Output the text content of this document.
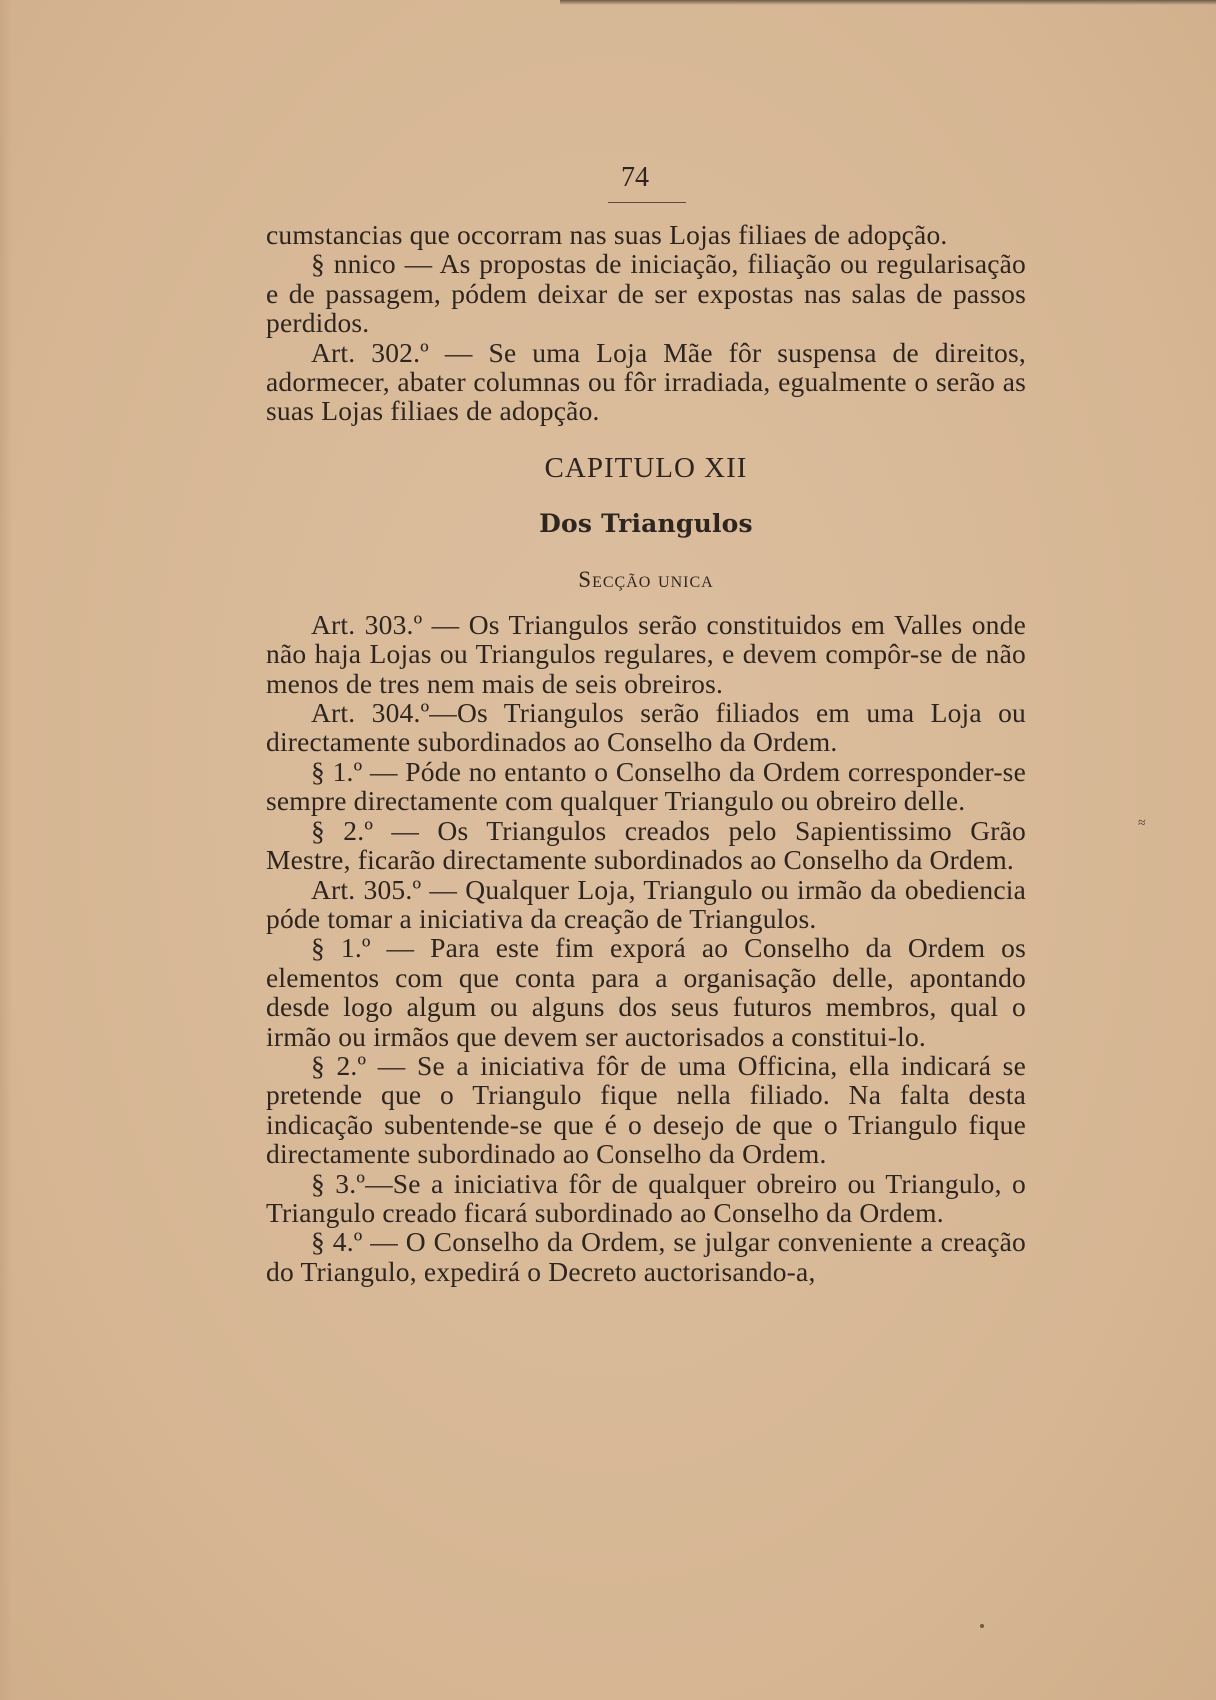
74

cumstancias que occorram nas suas Lojas filiaes de adopção.

§ nnico — As propostas de iniciação, filiação ou regularisação e de passagem, pódem deixar de ser expostas nas salas de passos perdidos.

Art. 302.º — Se uma Loja Mãe fôr suspensa de direitos, adormecer, abater columnas ou fôr irradiada, egualmente o serão as suas Lojas filiaes de adopção.

CAPITULO XII

Dos Triangulos

Secção unica

Art. 303.º — Os Triangulos serão constituidos em Valles onde não haja Lojas ou Triangulos regulares, e devem compôr-se de não menos de tres nem mais de seis obreiros.

Art. 304.º—Os Triangulos serão filiados em uma Loja ou directamente subordinados ao Conselho da Ordem.

§ 1.º — Póde no entanto o Conselho da Ordem corresponder-se sempre directamente com qualquer Triangulo ou obreiro delle.

§ 2.º — Os Triangulos creados pelo Sapientissimo Grão Mestre, ficarão directamente subordinados ao Conselho da Ordem.

Art. 305.º — Qualquer Loja, Triangulo ou irmão da obediencia póde tomar a iniciativa da creação de Triangulos.

§ 1.º — Para este fim exporá ao Conselho da Ordem os elementos com que conta para a organisação delle, apontando desde logo algum ou alguns dos seus futuros membros, qual o irmão ou irmãos que devem ser auctorisados a constitui-lo.

§ 2.º — Se a iniciativa fôr de uma Officina, ella indicará se pretende que o Triangulo fique nella filiado. Na falta desta indicação subentende-se que é o desejo de que o Triangulo fique directamente subordinado ao Conselho da Ordem.

§ 3.º—Se a iniciativa fôr de qualquer obreiro ou Triangulo, o Triangulo creado ficará subordinado ao Conselho da Ordem.

§ 4.º — O Conselho da Ordem, se julgar conveniente a creação do Triangulo, expedirá o Decreto auctorisando-a,

≈
